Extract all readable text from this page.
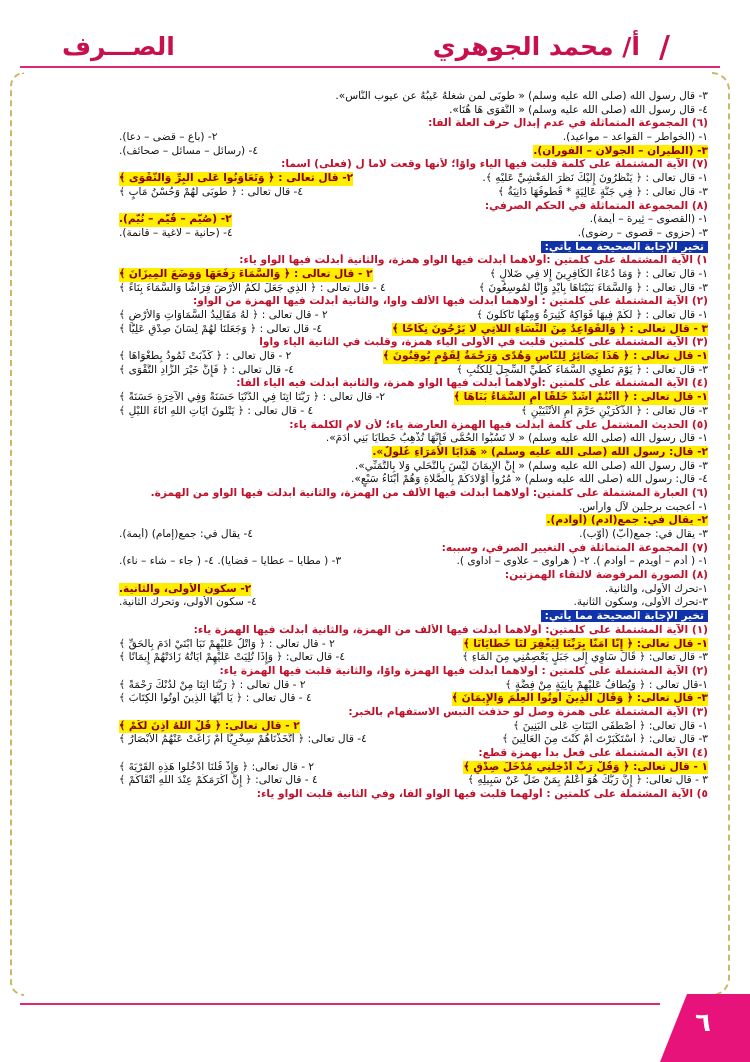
الصـــرف	أ/ محمد الجوهري /
٣- قال رسول الله (صلى الله عليه وسلم) « طُوبَى لمن شغلهُ عَيبُهُ عن عيوب النَّاس».
٤- قال رسول الله (صلى الله عليه وسلم) « التَّقوَى هَا هُنَا».
(٦) المجموعة المتماثلة في عدم إبدال حرف العلة ألفا:
١- (الخواطر – القواعد – مواعيد).
٢- (باع – قضى – دعا).
٣- (الطيران – الجولان – الفوران).
٤- (رسائل – مسائل – صحائف).
(٧) الآية المشتملة على كلمة قلبت فيها الياء واوًا؛ لأنها وقعت لاما ل (فعلى) اسما:
١- قال تعالى : ﴿ يَنْظُرُونَ إِلَيْكَ نَظَرَ الْمَغْشِيِّ عَلَيْهِ ﴾.
٢- قال تعالى : ﴿ وَتَعَاوَنُوا عَلَى الْبِرِّ وَالتَّقْوَى ﴾
٣- قال تعالى : ﴿ فِي جَنَّةٍ عَالِيَةٍ * قُطُوفُهَا دَانِيَةٌ ﴾
٤- قال تعالى : ﴿ طُوبَى لَهُمْ وَحُسْنُ مَآبٍ ﴾
(٨) المجموعة المتماثلة في الحكم الصرفي:
١- (القصوى – ثِيرة – أيمة).
٢- (صُيّم – قُيّم – نُيّم).
٣- (حزوى – قصوى – رضوى).
٤- (حانية – لاغية – قانمة).
تخير الإجابة الصحيحة مما يأتي:
١) الآية المشتملة على كلمتين :أولاهما أبدلت فيها الواو همزة، والثانية أبدلت فيها الواو ياء:
١- قال تعالى : ﴿ وَمَا دُعَاءُ الْكَافِرِينَ إِلَّا فِي ضَلَالٍ ﴾
٢ - قال تعالى : ﴿ وَالسَّمَاءَ رَفَعَهَا وَوَضَعَ الْمِيزَانَ ﴾
٣- قال تعالى : ﴿ وَالسَّمَاءَ بَنَيْنَاهَا بِأَيْدٍ وَإِنَّا لَمُوسِعُونَ ﴾
٤ - قال تعالى : ﴿ الَّذِي جَعَلَ لَكُمُ الْأَرْضَ فِرَاشًا وَالسَّمَاءَ بِنَاءً ﴾
(٢) الآية المشتملة على كلمتين : أولاهما أبدلت فيها الألف واوا، والثانية أبدلت فيها الهمزة من الواو:
١- قال تعالى : ﴿ لَكُمْ فِيهَا فَوَاكِهُ كَثِيرَةٌ وَمِنْهَا تَأْكُلُونَ ﴾
٢ - قال تعالى : ﴿ لَهُ مَقَالِيدُ السَّمَاوَاتِ وَالْأَرْضِ ﴾
٣ - قال تعالى : ﴿ وَالْقَوَاعِدُ مِنَ النِّسَاءِ اللَّاتِي لَا يَرْجُونَ نِكَاحًا ﴾
٤- قال تعالى : ﴿ وَجَعَلْنَا لَهُمْ لِسَانَ صِدْقٍ عَلِيًّا ﴾
(٣) الآية المشتملة على كلمتين قلبت في الأولى الياء همزة، وقلبت في الثانية الياء واوا
١- قال تعالى : ﴿ هَذَا بَصَائِرُ لِلنَّاسِ وَهُدًى وَرَحْمَةٌ لِقَوْمٍ يُوقِنُونَ ﴾
٢ - قال تعالى : ﴿ كَذَّبَتْ ثَمُودُ بِطَغْوَاهَا ﴾
٣- قال تعالى : ﴿ يَوْمَ نَطْوِي السَّمَاءَ كَطَيِّ السِّجِلِّ لِلْكُتُبِ ﴾
٤- قال تعالى : ﴿ فَإِنَّ خَيْرَ الزَّادِ التَّقْوَى ﴾
(٤) الآية المشتملة على كلمتين :أولاهما أبدلت فيها الواو همزة، والثانية أبدلت فيه الياء ألفا:
١- قال تعالى : ﴿ أَأَنْتُمْ أَشَدُّ خَلْقًا أَمِ السَّمَاءُ بَنَاهَا ﴾
٢- قال تعالى : ﴿ رَبَّنَا آتِنَا فِي الدُّنْيَا حَسَنَةً وَفِي الْآخِرَةِ حَسَنَةً ﴾
٣- قال تعالى : ﴿ آلذَّكَرَيْنِ حَرَّمَ أَمِ الْأُنْثَيَيْنِ ﴾
٤ - قال تعالى : ﴿ يَتْلُونَ آيَاتِ اللَّهِ آنَاءَ اللَّيْلِ ﴾
(٥) الحديث المشتمل على كلمة أبدلت فيها الهمزة العارضة ياء؛ لأن لام الكلمة ياء:
١- قال رسول الله (صلى الله عليه وسلم) « لَا تَسُبُّوا الْحُمَّى فَإِنَّهَا تُذْهِبُ خَطَايَا بَنِي آدَمَ».
٢- قال: رسول الله (صلى الله عليه وسلم) « هَدَايَا الْأُمَرَاءِ غُلُولٌ».
٣- قال رسول الله (صلى الله عليه وسلم) « إِنَّ الْإِيمَانَ لَيْسَ بِالتَّحَلِّي وَلَا بِالتَّمَنِّي».
٤- قال: رسول الله (صلى الله عليه وسلم) « مُرُوا أَوْلَادَكُمْ بِالصَّلَاةِ وَهُمْ أَبْنَاءُ سَبْعٍ».
(٦) العبارة المشتملة على كلمتين: أولاهما أبدلت فيها الألف من الهمزة، والثانية أبدلت فيها الواو من الهمزة.
١- أعجبت برجلين لآل وآرأس.
٢- يقال في: جمع(آدم) (أوادم).
٣- يقال في: جمع(أبّ) (أوّب).
٤- يقال في: جمع(إمام) (أيمة).
(٧) المجموعة المتماثلة في التغيير الصرفي، وسببه:
١- ( أدم – أويدم – أوادم ). ٢- ( هراوى – علاوى – اداوى ).
٣- ( مطايا – عطايا – قضايا). ٤- ( جاء – شاء – ناء).
(٨) الصورة المرفوضة لالتقاء الهمزتين:
١-تحرك الأولى، والثانية.
٢- سكون الأولى، والثانية.
٣-تحرك الأولى، وسكون الثانية.
٤- سكون الأولى، وتحرك الثانية.
تخير الإجابة الصحيحة مما يأتي:
(١) الآية المشتملة على كلمتين: أولاهما أبدلت فيها الألف من الهمزة، والثانية أبدلت فيها الهمزة ياء:
١- قال تعالى: ﴿ إِنَّا آمَنَّا بِرَبِّنَا لِيَغْفِرَ لَنَا خَطَايَانَا ﴾
٢ - قال تعالى : ﴿ وَاتْلُ عَلَيْهِمْ نَبَأَ ابْنَيْ آدَمَ بِالْحَقِّ ﴾
٣- قال تعالى: ﴿ قَالَ سَآوِي إِلَى جَبَلٍ يَعْصِمُنِي مِنَ الْمَاءِ ﴾
٤- قال تعالى: ﴿ وَإِذَا تُلِيَتْ عَلَيْهِمْ آيَاتُهُ زَادَتْهُمْ إِيمَانًا ﴾
(٢) الآية المشتملة على كلمتين : أولاهما أبدلت فيها الهمزة واوًا، والثانية قلبت فيها الهمزة ياء:
١-قال تعالى : ﴿ وَيُطَافُ عَلَيْهِمْ بِآنِيَةٍ مِنْ فِضَّةٍ ﴾
٢ - قال تعالى : ﴿ رَبَّنَا آتِنَا مِنْ لَدُنْكَ رَحْمَةً ﴾
٣- قال تعالى: ﴿ وَقَالَ الَّذِينَ أُوتُوا الْعِلْمَ وَالْإِيمَانَ ﴾
٤ - قال تعالى : ﴿ يَا أَيُّهَا الَّذِينَ أُوتُوا الْكِتَابَ ﴾
(٣) الآية المشتملة على همزة وصل لو حذفت التبس الاستفهام بالخبر:
١- قال تعالى: ﴿ أَصْطَفَى الْبَنَاتِ عَلَى الْبَنِينَ ﴾
٢ - قال تعالى: ﴿ قُلْ آللَّهُ أَذِنَ لَكُمْ ﴾
٣- قال تعالى: ﴿ أَسْتَكْبَرْتَ أَمْ كُنْتَ مِنَ الْعَالِينَ ﴾
٤- قال تعالى: ﴿ أَتَّخَذْنَاهُمْ سِخْرِيًّا أَمْ زَاغَتْ عَنْهُمُ الْأَبْصَارُ ﴾
(٤) الآية المشتملة على فعل بدأ بهمزة قطع:
١ - قال تعالى: ﴿ وَقُلْ رَبِّ أَدْخِلْنِي مُدْخَلَ صِدْقٍ ﴾
٢ - قال تعالى: ﴿ وَإِذْ قُلْنَا ادْخُلُوا هَذِهِ الْقَرْيَةَ ﴾
٣ - قال تعالى: ﴿ إِنَّ رَبَّكَ هُوَ أَعْلَمُ بِمَنْ ضَلَّ عَنْ سَبِيلِهِ ﴾
٤ - قال تعالى: ﴿ إِنَّ أَكْرَمَكُمْ عِنْدَ اللَّهِ أَتْقَاكُمْ ﴾
٥) الآية المشتملة على كلمتين : أولهما قلبت فيها الواو ألفا، وفي الثانية قلبت الواو ياء:
٦
